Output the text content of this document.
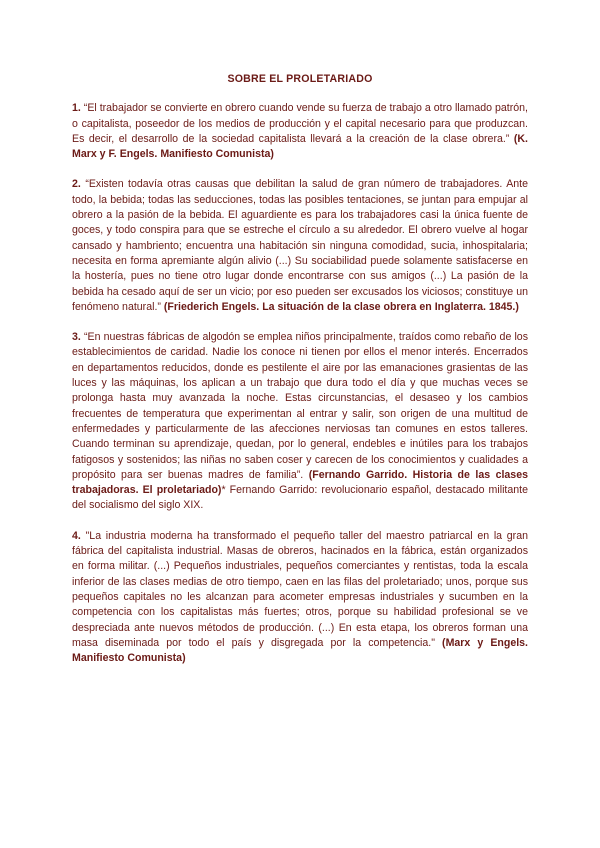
SOBRE EL PROLETARIADO

1. “El trabajador se convierte en obrero cuando vende su fuerza de trabajo a otro llamado patrón, o capitalista, poseedor de los medios de producción y el capital necesario para que produzcan. Es decir, el desarrollo de la sociedad capitalista llevará a la creación de la clase obrera.” (K. Marx y F. Engels. Manifiesto Comunista)

2. “Existen todavía otras causas que debilitan la salud de gran número de trabajadores. Ante todo, la bebida; todas las seducciones, todas las posibles tentaciones, se juntan para empujar al obrero a la pasión de la bebida. El aguardiente es para los trabajadores casi la única fuente de goces, y todo conspira para que se estreche el círculo a su alrededor. El obrero vuelve al hogar cansado y hambriento; encuentra una habitación sin ninguna comodidad, sucia, inhospitalaria; necesita en forma apremiante algún alivio (...) Su sociabilidad puede solamente satisfacerse en la hostería, pues no tiene otro lugar donde encontrarse con sus amigos (...) La pasión de la bebida ha cesado aquí de ser un vicio; por eso pueden ser excusados los viciosos; constituye un fenómeno natural.” (Friederich Engels. La situación de la clase obrera en Inglaterra. 1845.)

3. “En nuestras fábricas de algodón se emplea niños principalmente, traídos como rebaño de los establecimientos de caridad. Nadie los conoce ni tienen por ellos el menor interés. Encerrados en departamentos reducidos, donde es pestilente el aire por las emanaciones grasientas de las luces y las máquinas, los aplican a un trabajo que dura todo el día y que muchas veces se prolonga hasta muy avanzada la noche. Estas circunstancias, el desaseo y los cambios frecuentes de temperatura que experimentan al entrar y salir, son origen de una multitud de enfermedades y particularmente de las afecciones nerviosas tan comunes en estos talleres. Cuando terminan su aprendizaje, quedan, por lo general, endebles e inútiles para los trabajos fatigosos y sostenidos; las niñas no saben coser y carecen de los conocimientos y cualidades a propósito para ser buenas madres de familia”. (Fernando Garrido. Historia de las clases trabajadoras. El proletariado)* Fernando Garrido: revolucionario español, destacado militante del socialismo del siglo XIX.

4. "La industria moderna ha transformado el pequeño taller del maestro patriarcal en la gran fábrica del capitalista industrial. Masas de obreros, hacinados en la fábrica, están organizados en forma militar. (...) Pequeños industriales, pequeños comerciantes y rentistas, toda la escala inferior de las clases medias de otro tiempo, caen en las filas del proletariado; unos, porque sus pequeños capitales no les alcanzan para acometer empresas industriales y sucumben en la competencia con los capitalistas más fuertes; otros, porque su habilidad profesional se ve despreciada ante nuevos métodos de producción. (...) En esta etapa, los obreros forman una masa diseminada por todo el país y disgregada por la competencia." (Marx y Engels. Manifiesto Comunista)
